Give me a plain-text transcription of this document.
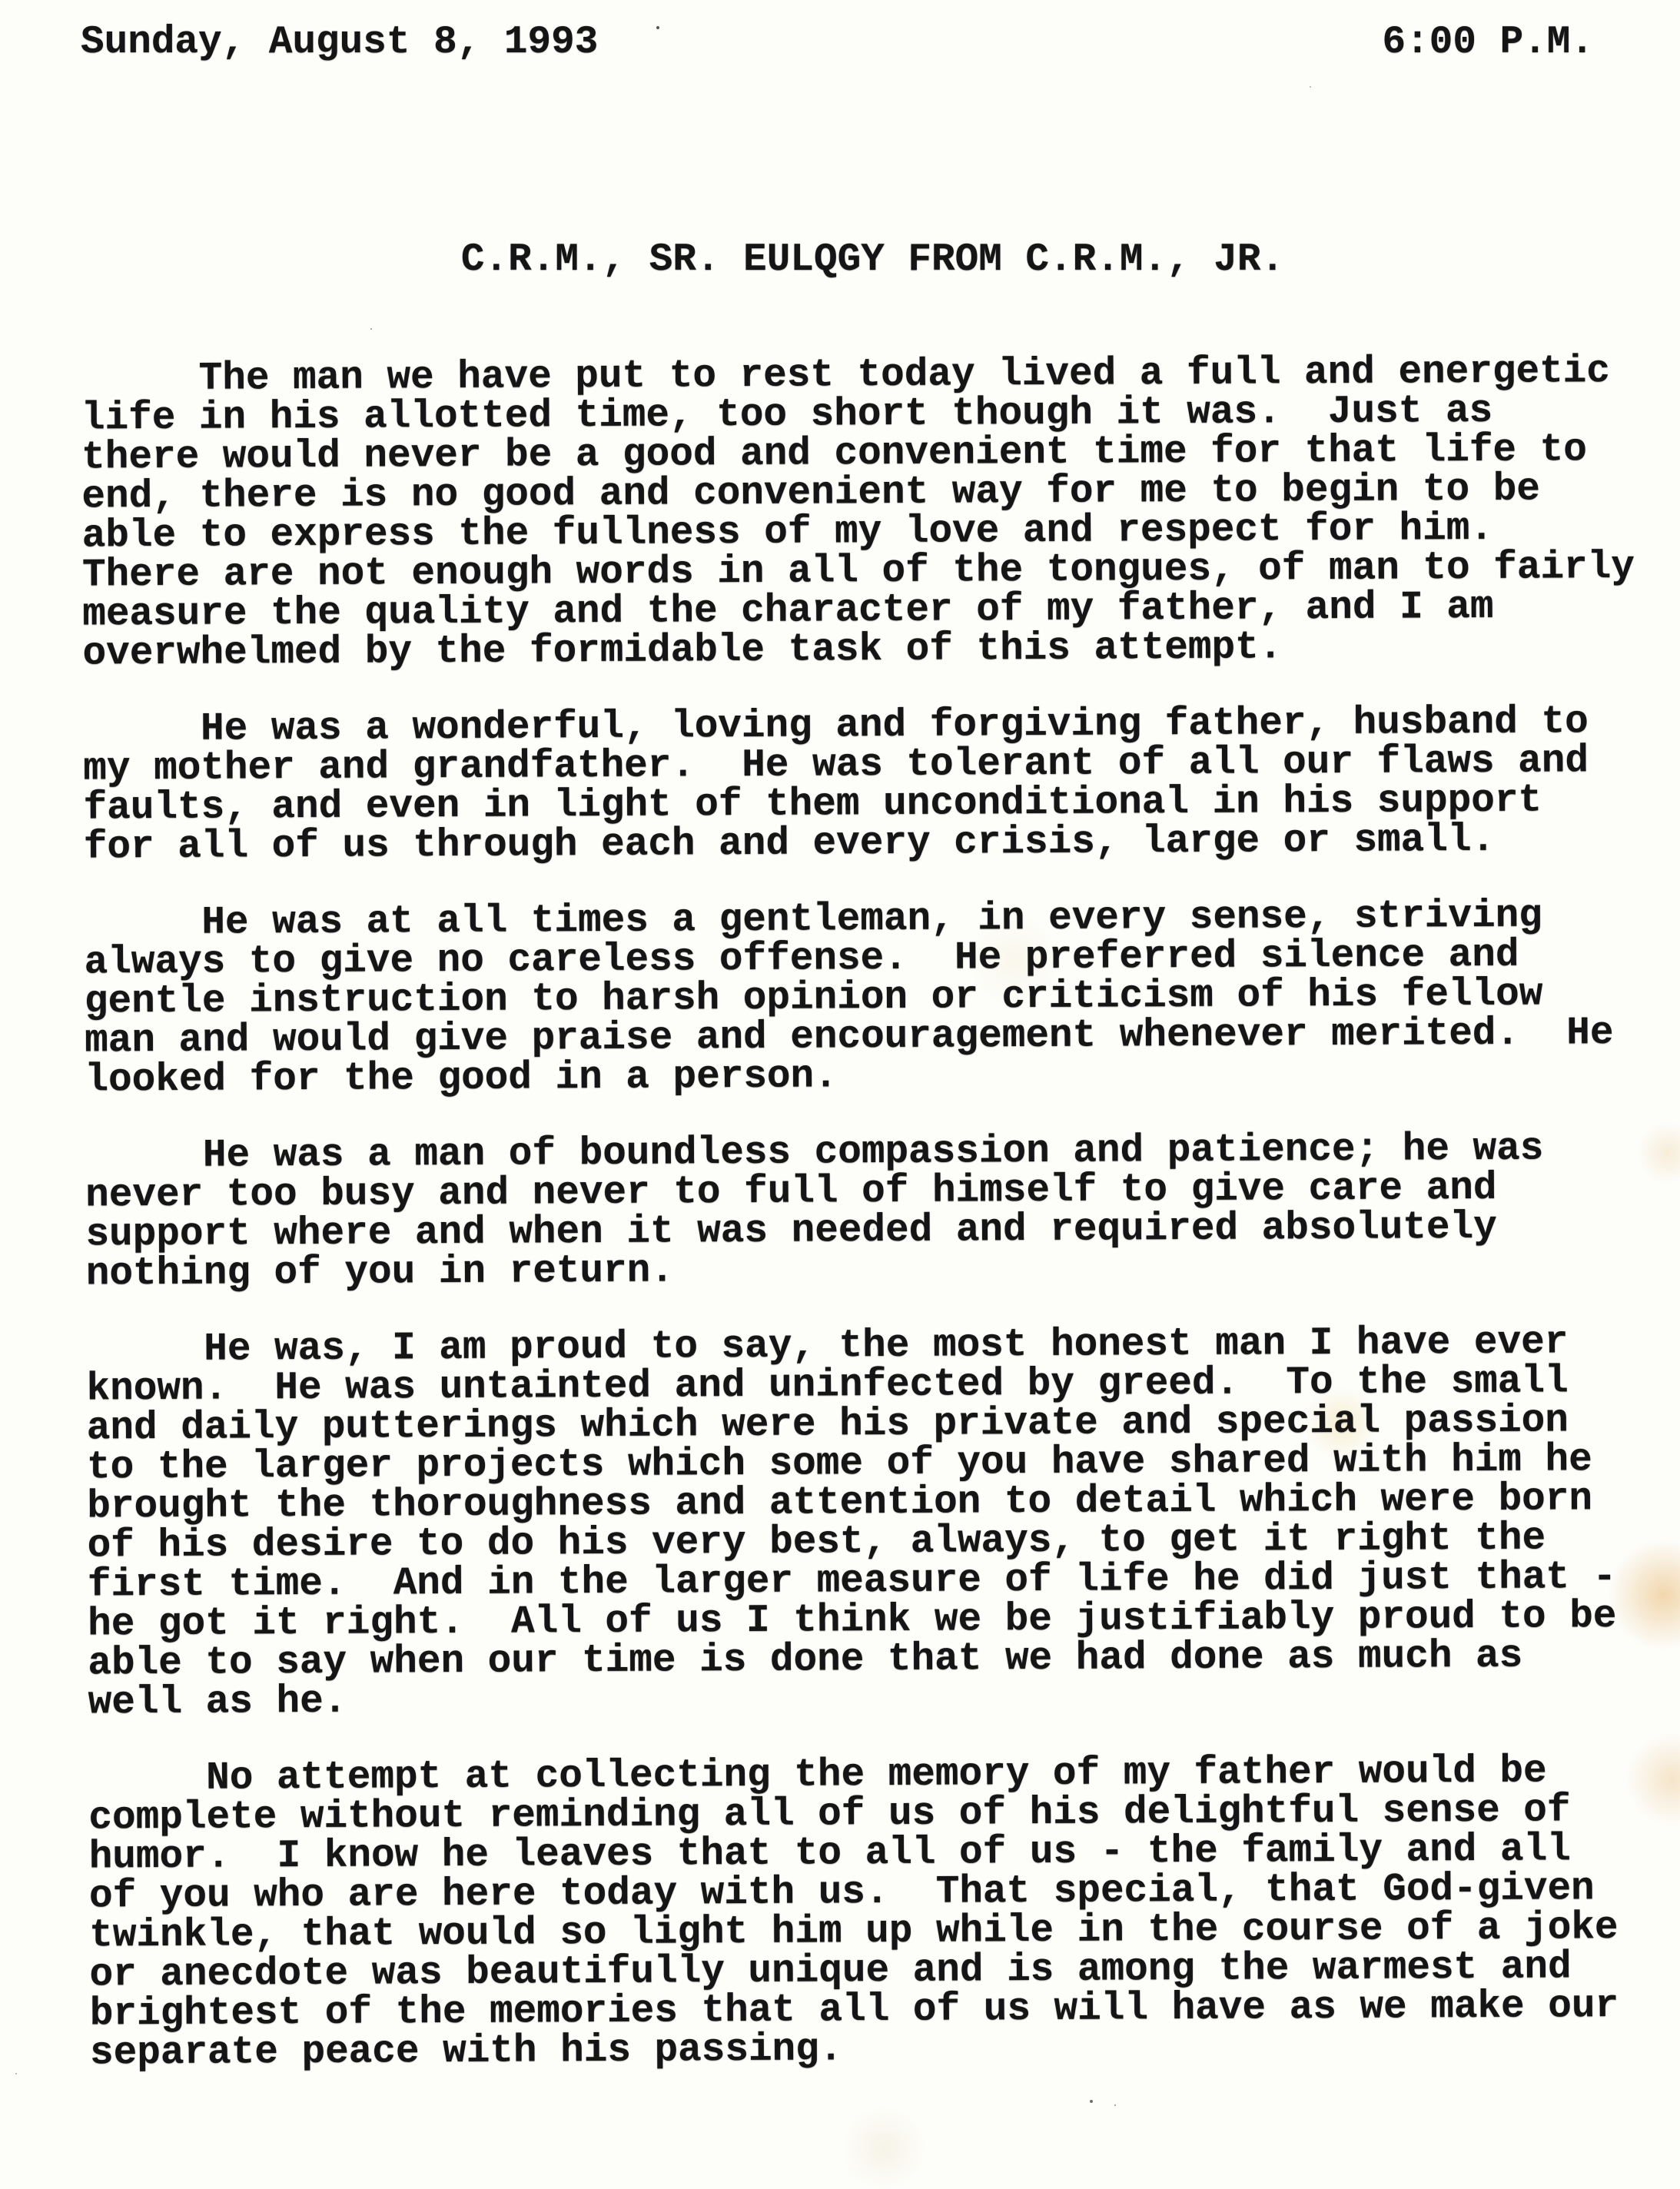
Sunday, August 8, 1993	6:00 P.M.
C.R.M., SR. EULQGY FROM C.R.M., JR.

The man we have put to rest today lived a full and energetic
life in his allotted time, too short though it was.  Just as
there would never be a good and convenient time for that life to
end, there is no good and convenient way for me to begin to be
able to express the fullness of my love and respect for him.
There are not enough words in all of the tongues, of man to fairly
measure the quality and the character of my father, and I am
overwhelmed by the formidable task of this attempt.

He was a wonderful, loving and forgiving father, husband to
my mother and grandfather.  He was tolerant of all our flaws and
faults, and even in light of them unconditional in his support
for all of us through each and every crisis, large or small.

He was at all times a gentleman, in every sense, striving
always to give no careless offense.  He preferred silence and
gentle instruction to harsh opinion or criticism of his fellow
man and would give praise and encouragement whenever merited.  He
looked for the good in a person.

He was a man of boundless compassion and patience; he was
never too busy and never to full of himself to give care and
support where and when it was needed and required absolutely
nothing of you in return.

He was, I am proud to say, the most honest man I have ever
known.  He was untainted and uninfected by greed.  To the small
and daily putterings which were his private and special passion
to the larger projects which some of you have shared with him he
brought the thoroughness and attention to detail which were born
of his desire to do his very best, always, to get it right the
first time.  And in the larger measure of life he did just that -
he got it right.  All of us I think we be justifiably proud to be
able to say when our time is done that we had done as much as
well as he.

No attempt at collecting the memory of my father would be
complete without reminding all of us of his delightful sense of
humor.  I know he leaves that to all of us - the family and all
of you who are here today with us.  That special, that God-given
twinkle, that would so light him up while in the course of a joke
or anecdote was beautifully unique and is among the warmest and
brightest of the memories that all of us will have as we make our
separate peace with his passing.
